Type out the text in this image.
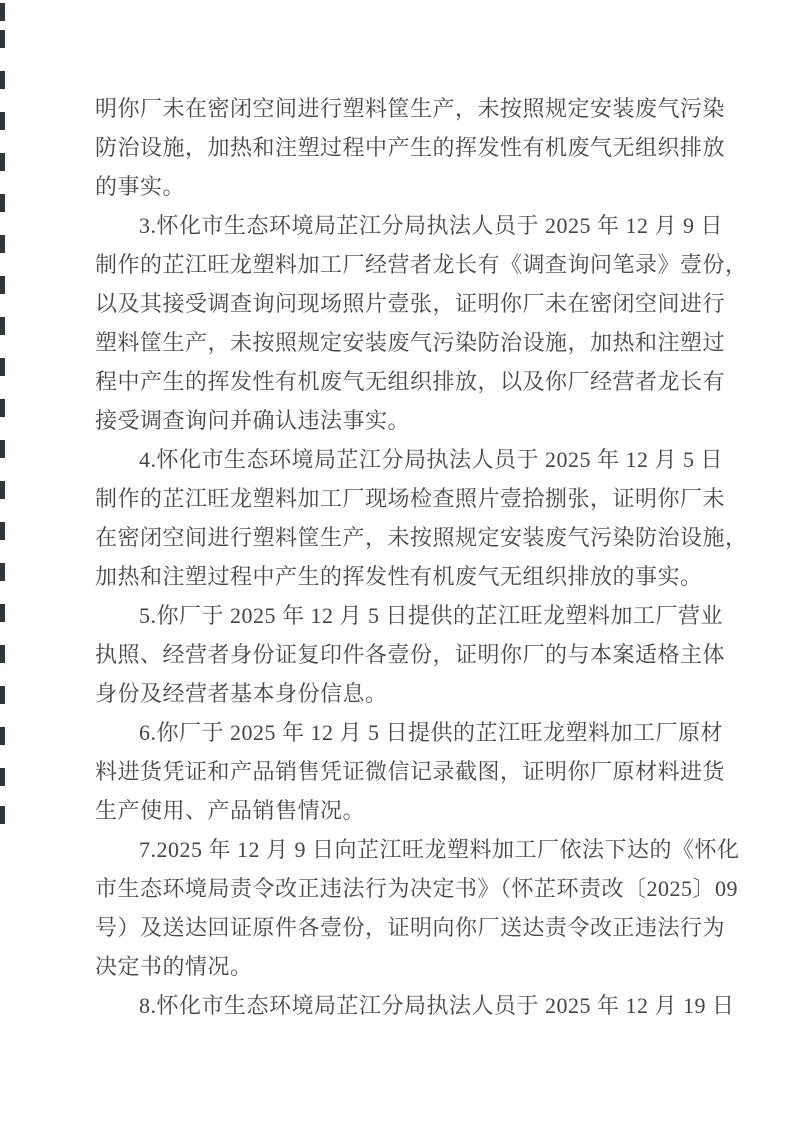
明你厂未在密闭空间进行塑料筐生产，未按照规定安装废气污染
防治设施，加热和注塑过程中产生的挥发性有机废气无组织排放
的事实。
3.怀化市生态环境局芷江分局执法人员于 2025 年 12 月 9 日
制作的芷江旺龙塑料加工厂经营者龙长有《调查询问笔录》壹份，
以及其接受调查询问现场照片壹张，证明你厂未在密闭空间进行
塑料筐生产，未按照规定安装废气污染防治设施，加热和注塑过
程中产生的挥发性有机废气无组织排放，以及你厂经营者龙长有
接受调查询问并确认违法事实。
4.怀化市生态环境局芷江分局执法人员于 2025 年 12 月 5 日
制作的芷江旺龙塑料加工厂现场检查照片壹拾捌张，证明你厂未
在密闭空间进行塑料筐生产，未按照规定安装废气污染防治设施，
加热和注塑过程中产生的挥发性有机废气无组织排放的事实。
5.你厂于 2025 年 12 月 5 日提供的芷江旺龙塑料加工厂营业
执照、经营者身份证复印件各壹份，证明你厂的与本案适格主体
身份及经营者基本身份信息。
6.你厂于 2025 年 12 月 5 日提供的芷江旺龙塑料加工厂原材
料进货凭证和产品销售凭证微信记录截图，证明你厂原材料进货
生产使用、产品销售情况。
7.2025 年 12 月 9 日向芷江旺龙塑料加工厂依法下达的《怀化
市生态环境局责令改正违法行为决定书》（怀芷环责改〔2025〕09
号）及送达回证原件各壹份，证明向你厂送达责令改正违法行为
决定书的情况。
8.怀化市生态环境局芷江分局执法人员于 2025 年 12 月 19 日
